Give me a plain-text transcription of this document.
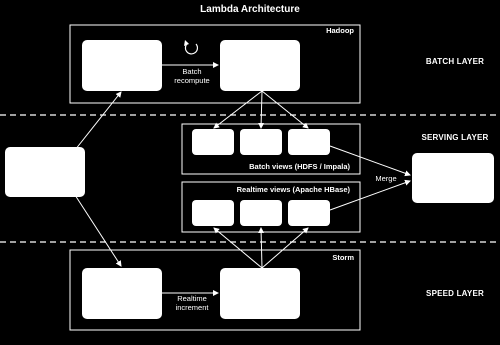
Lambda Architecture
BATCH LAYER
SERVING LAYER
SPEED LAYER
Hadoop
Batch
recompute
Batch views (HDFS / Impala)
Realtime views (Apache HBase)
Merge
Storm
Realtime
increment
